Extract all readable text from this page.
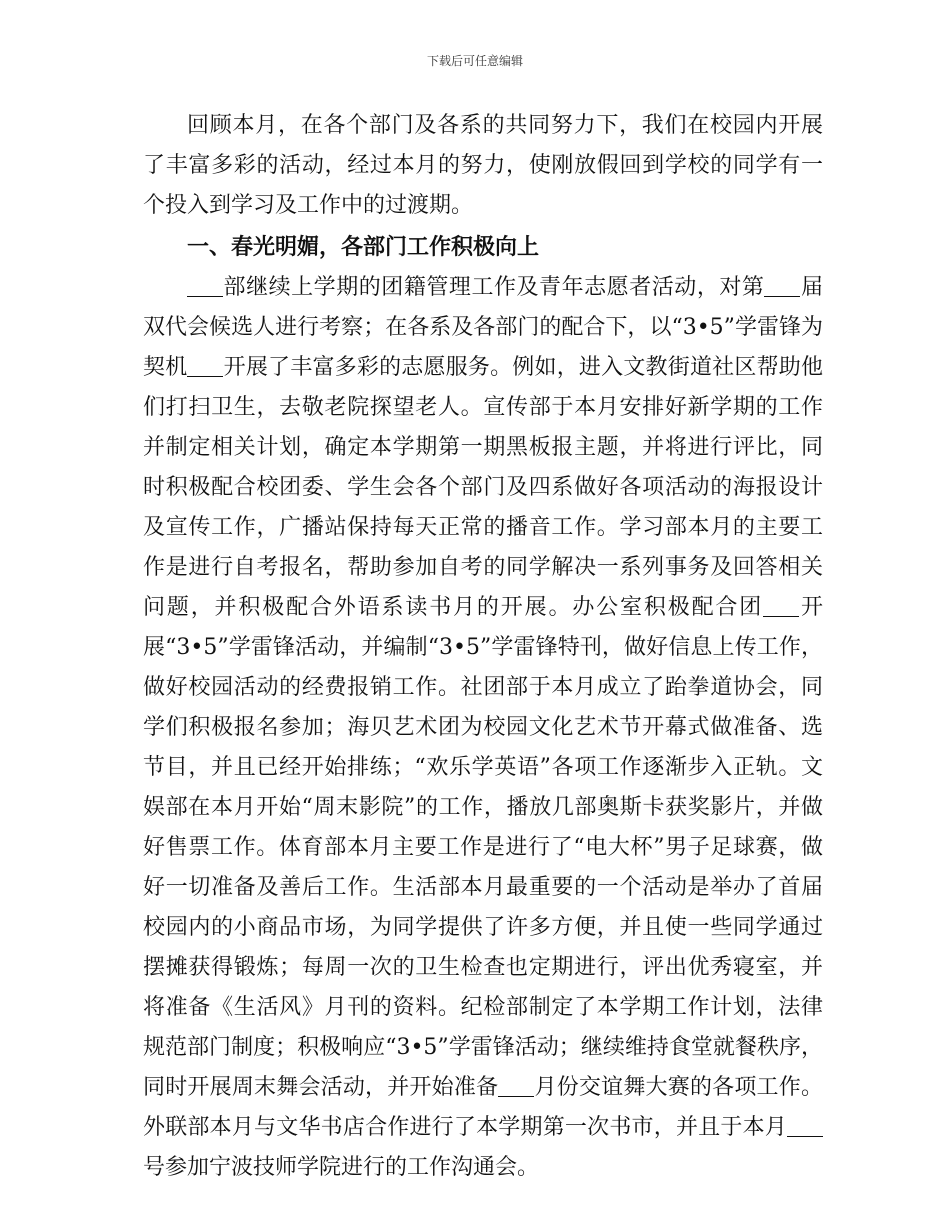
下载后可任意编辑

回顾本月，在各个部门及各系的共同努力下，我们在校园内开展了丰富多彩的活动，经过本月的努力，使刚放假回到学校的同学有一个投入到学习及工作中的过渡期。

一、春光明媚，各部门工作积极向上

部继续上学期的团籍管理工作及青年志愿者活动，对第 届双代会候选人进行考察；在各系及各部门的配合下，以“3•5”学雷锋为契机 开展了丰富多彩的志愿服务。例如，进入文教街道社区帮助他们打扫卫生，去敬老院探望老人。宣传部于本月安排好新学期的工作并制定相关计划，确定本学期第一期黑板报主题，并将进行评比，同时积极配合校团委、学生会各个部门及四系做好各项活动的海报设计及宣传工作，广播站保持每天正常的播音工作。学习部本月的主要工作是进行自考报名，帮助参加自考的同学解决一系列事务及回答相关问题，并积极配合外语系读书月的开展。办公室积极配合团 开展“3•5”学雷锋活动，并编制“3•5”学雷锋特刊，做好信息上传工作，做好校园活动的经费报销工作。社团部于本月成立了跆拳道协会，同学们积极报名参加；海贝艺术团为校园文化艺术节开幕式做准备、选节目，并且已经开始排练；“欢乐学英语”各项工作逐渐步入正轨。文娱部在本月开始“周末影院”的工作，播放几部奥斯卡获奖影片，并做好售票工作。体育部本月主要工作是进行了“电大杯”男子足球赛，做好一切准备及善后工作。生活部本月最重要的一个活动是举办了首届校园内的小商品市场，为同学提供了许多方便，并且使一些同学通过摆摊获得锻炼；每周一次的卫生检查也定期进行，评出优秀寝室，并将准备《生活风》月刊的资料。纪检部制定了本学期工作计划，法律规范部门制度；积极响应“3•5”学雷锋活动；继续维持食堂就餐秩序，同时开展周末舞会活动，并开始准备 月份交谊舞大赛的各项工作。外联部本月与文华书店合作进行了本学期第一次书市，并且于本月号参加宁波技师学院进行的工作沟通会。
